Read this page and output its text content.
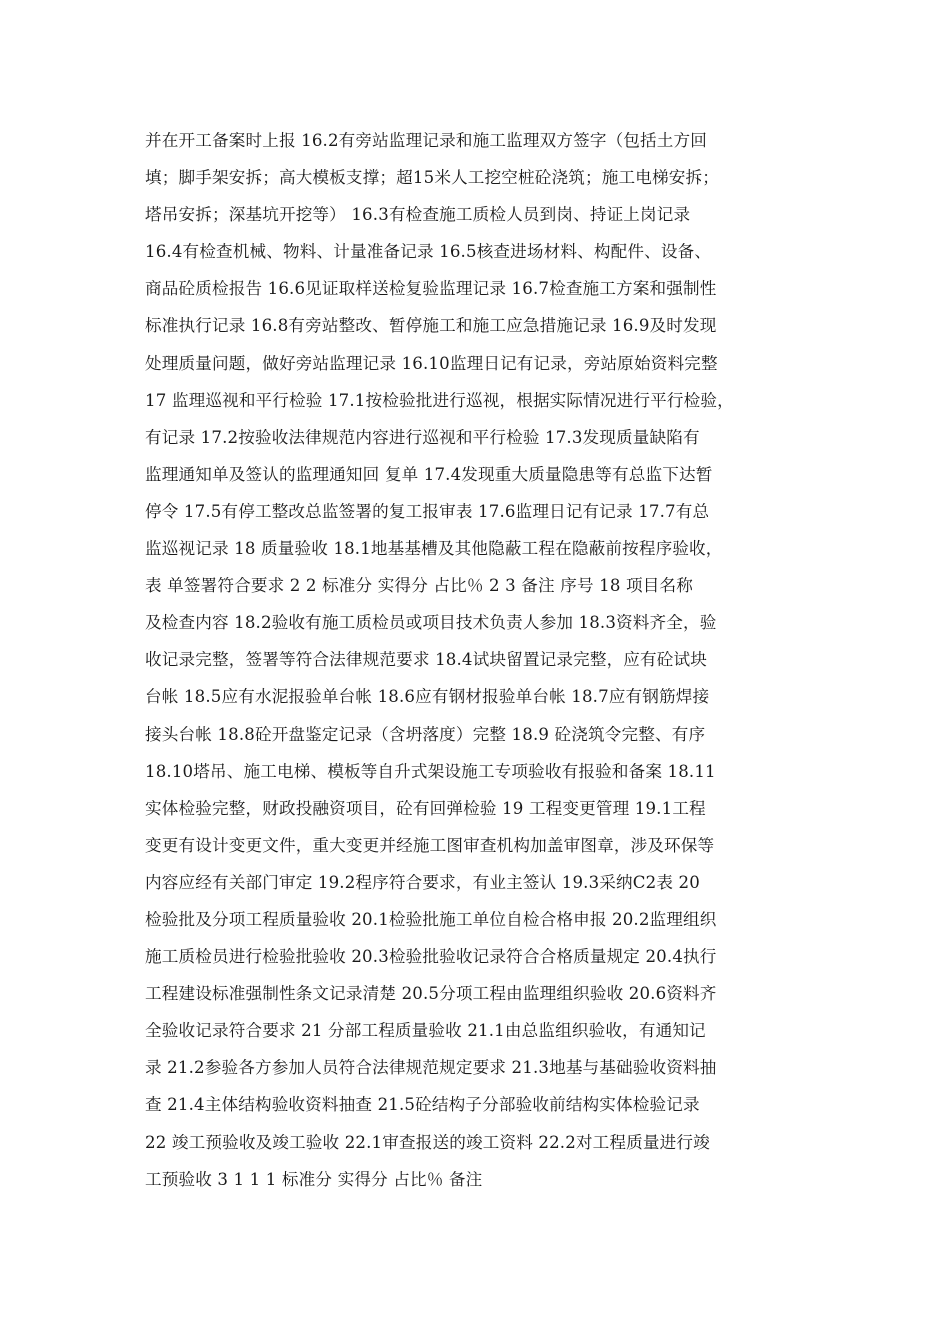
并在开工备案时上报 16.2有旁站监理记录和施工监理双方签字（包括土方回
填；脚手架安拆；高大模板支撑；超15米人工挖空桩砼浇筑；施工电梯安拆；
塔吊安拆；深基坑开挖等） 16.3有检查施工质检人员到岗、持证上岗记录
16.4有检查机械、物料、计量准备记录 16.5核查进场材料、构配件、设备、
商品砼质检报告 16.6见证取样送检复验监理记录 16.7检查施工方案和强制性
标准执行记录 16.8有旁站整改、暂停施工和施工应急措施记录 16.9及时发现
处理质量问题，做好旁站监理记录 16.10监理日记有记录，旁站原始资料完整
17 监理巡视和平行检验 17.1按检验批进行巡视，根据实际情况进行平行检验，
有记录 17.2按验收法律规范内容进行巡视和平行检验 17.3发现质量缺陷有
监理通知单及签认的监理通知回 复单 17.4发现重大质量隐患等有总监下达暂
停令 17.5有停工整改总监签署的复工报审表 17.6监理日记有记录 17.7有总
监巡视记录 18 质量验收 18.1地基基槽及其他隐蔽工程在隐蔽前按程序验收，
表 单签署符合要求 2 2 标准分 实得分 占比％ 2 3 备注 序号 18 项目名称
及检查内容 18.2验收有施工质检员或项目技术负责人参加 18.3资料齐全，验
收记录完整，签署等符合法律规范要求 18.4试块留置记录完整，应有砼试块
台帐 18.5应有水泥报验单台帐 18.6应有钢材报验单台帐 18.7应有钢筋焊接
接头台帐 18.8砼开盘鉴定记录（含坍落度）完整 18.9 砼浇筑令完整、有序
18.10塔吊、施工电梯、模板等自升式架设施工专项验收有报验和备案 18.11
实体检验完整，财政投融资项目，砼有回弹检验 19 工程变更管理 19.1工程
变更有设计变更文件，重大变更并经施工图审查机构加盖审图章，涉及环保等
内容应经有关部门审定 19.2程序符合要求，有业主签认 19.3采纳C2表 20
检验批及分项工程质量验收 20.1检验批施工单位自检合格申报 20.2监理组织
施工质检员进行检验批验收 20.3检验批验收记录符合合格质量规定 20.4执行
工程建设标准强制性条文记录清楚 20.5分项工程由监理组织验收 20.6资料齐
全验收记录符合要求 21 分部工程质量验收 21.1由总监组织验收，有通知记
录 21.2参验各方参加人员符合法律规范规定要求 21.3地基与基础验收资料抽
查 21.4主体结构验收资料抽查 21.5砼结构子分部验收前结构实体检验记录
22 竣工预验收及竣工验收 22.1审查报送的竣工资料 22.2对工程质量进行竣
工预验收 3 1 1 1 标准分 实得分 占比％ 备注
